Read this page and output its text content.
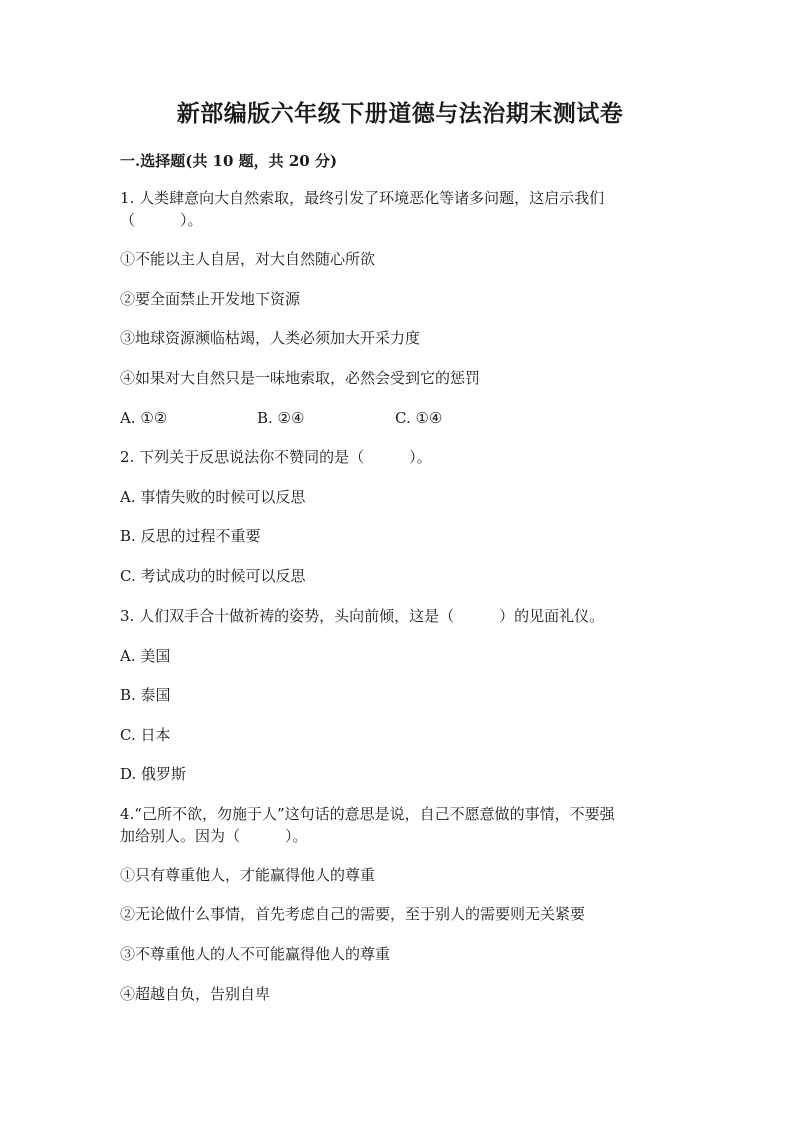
新部编版六年级下册道德与法治期末测试卷
一.选择题(共 10 题，共 20 分)
1. 人类肆意向大自然索取，最终引发了环境恶化等诸多问题，这启示我们
（　　　）。
①不能以主人自居，对大自然随心所欲
②要全面禁止开发地下资源
③地球资源濒临枯竭，人类必须加大开采力度
④如果对大自然只是一味地索取，必然会受到它的惩罚
A. ①②	B. ②④	C. ①④
2. 下列关于反思说法你不赞同的是（　　　）。
A. 事情失败的时候可以反思
B. 反思的过程不重要
C. 考试成功的时候可以反思
3. 人们双手合十做祈祷的姿势，头向前倾，这是（　　　）的见面礼仪。
A. 美国
B. 泰国
C. 日本
D. 俄罗斯
4.“己所不欲，勿施于人”这句话的意思是说，自己不愿意做的事情，不要强
加给别人。因为（　　　）。
①只有尊重他人，才能赢得他人的尊重
②无论做什么事情，首先考虑自己的需要，至于别人的需要则无关紧要
③不尊重他人的人不可能赢得他人的尊重
④超越自负，告别自卑
